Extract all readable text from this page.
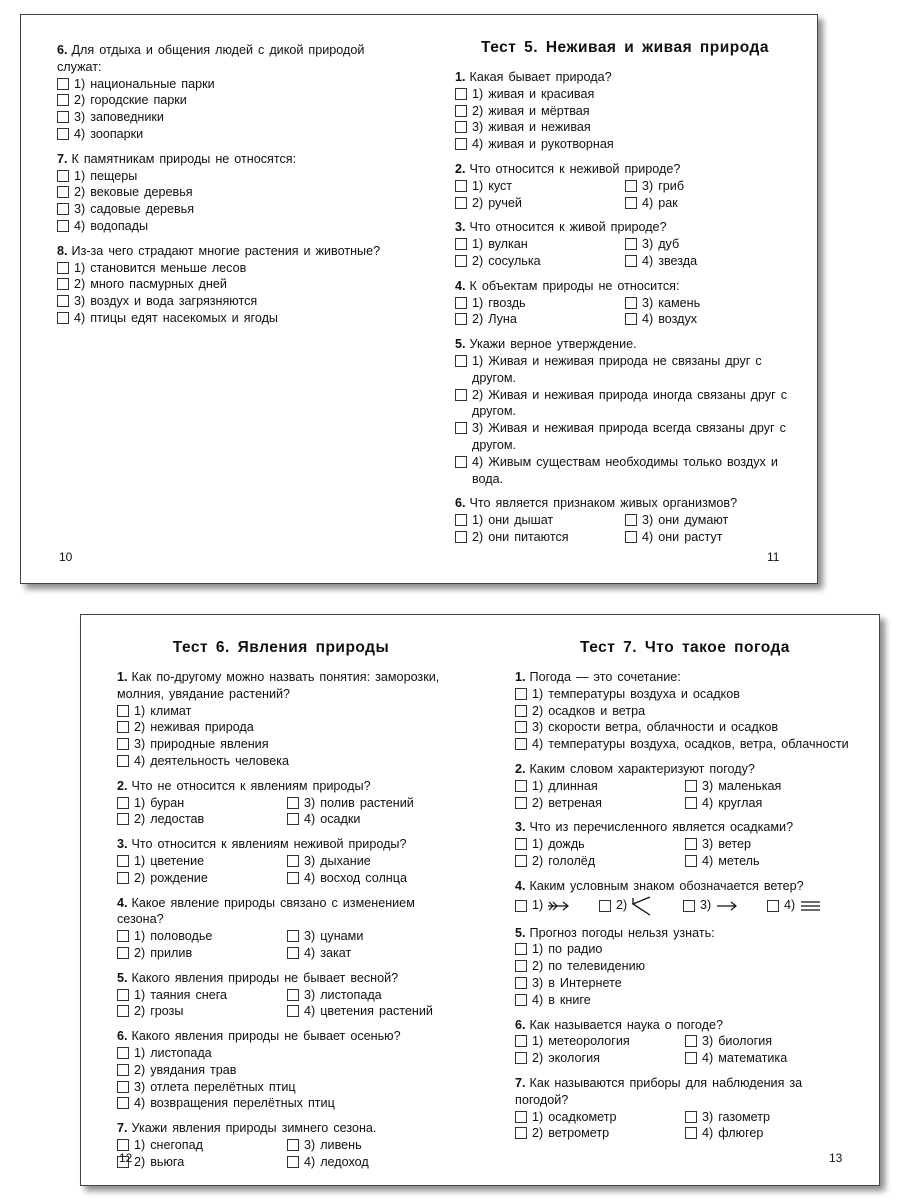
6. Для отдыха и общения людей с дикой природой служат:

1) национальные парки
2) городские парки
3) заповедники
4) зоопарки

7. К памятникам природы не относятся:

1) пещеры
2) вековые деревья
3) садовые деревья
4) водопады

8. Из-за чего страдают многие растения и животные?

1) становится меньше лесов
2) много пасмурных дней
3) воздух и вода загрязняются
4) птицы едят насекомых и ягоды
10
Тест 5. Неживая и живая природа

1. Какая бывает природа?

1) живая и красивая
2) живая и мёртвая
3) живая и неживая
4) живая и рукотворная

2. Что относится к неживой природе?

1) куст	3) гриб
2) ручей	4) рак

3. Что относится к живой природе?

1) вулкан	3) дуб
2) сосулька	4) звезда

4. К объектам природы не относится:

1) гвоздь	3) камень
2) Луна	4) воздух

5. Укажи верное утверждение.

1) Живая и неживая природа не связаны друг с другом.
2) Живая и неживая природа иногда связаны друг с другом.
3) Живая и неживая природа всегда связаны друг с другом.
4) Живым существам необходимы только воздух и вода.

6. Что является признаком живых организмов?

1) они дышат	3) они думают
2) они питаются	4) они растут
11
Тест 6. Явления природы

1. Как по-другому можно назвать понятия: заморозки, молния, увядание растений?

1) климат
2) неживая природа
3) природные явления
4) деятельность человека

2. Что не относится к явлениям природы?

1) буран	3) полив растений
2) ледостав	4) осадки

3. Что относится к явлениям неживой природы?

1) цветение	3) дыхание
2) рождение	4) восход солнца

4. Какое явление природы связано с изменением сезона?

1) половодье	3) цунами
2) прилив	4) закат

5. Какого явления природы не бывает весной?

1) таяния снега	3) листопада
2) грозы	4) цветения растений

6. Какого явления природы не бывает осенью?

1) листопада
2) увядания трав
3) отлета перелётных птиц
4) возвращения перелётных птиц

7. Укажи явления природы зимнего сезона.

1) снегопад	3) ливень
2) вьюга	4) ледоход
12
Тест 7. Что такое погода

1. Погода — это сочетание:

1) температуры воздуха и осадков
2) осадков и ветра
3) скорости ветра, облачности и осадков
4) температуры воздуха, осадков, ветра, облачности

2. Каким словом характеризуют погоду?

1) длинная	3) маленькая
2) ветреная	4) круглая

3. Что из перечисленного является осадками?

1) дождь	3) ветер
2) гололёд	4) метель

4. Каким условным знаком обозначается ветер?

1)	2)	3)	4)

5. Прогноз погоды нельзя узнать:

1) по радио
2) по телевидению
3) в Интернете
4) в книге

6. Как называется наука о погоде?

1) метеорология	3) биология
2) экология	4) математика

7. Как называются приборы для наблюдения за погодой?

1) осадкометр	3) газометр
2) ветрометр	4) флюгер
13
